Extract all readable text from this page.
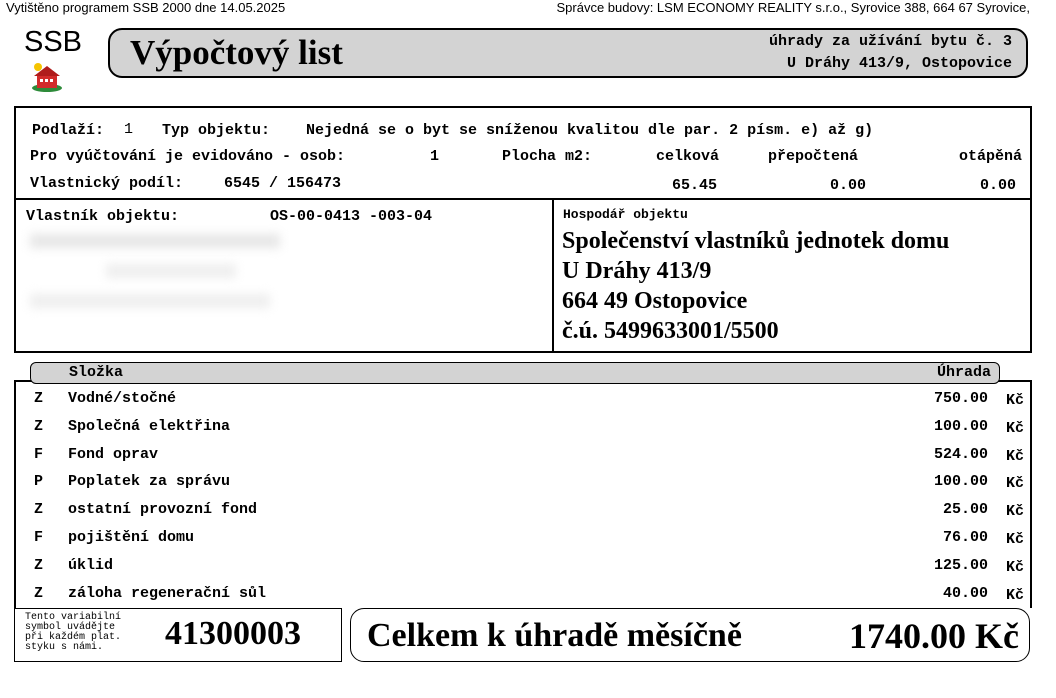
Vytištěno programem SSB 2000 dne 14.05.2025	Správce budovy: LSM ECONOMY REALITY s.r.o., Syrovice 388, 664 67 Syrovice,
SSB Výpočtový list	úhrady za užívání bytu č. 3
U Dráhy 413/9, Ostopovice
Podlaží: 1 Typ objektu: Nejedná se o byt se sníženou kvalitou dle par. 2 písm. e) až g)
Pro vyúčtování je evidováno - osob:	1	Plocha m2:	celková	přepočtená	otápěná
Vlastnický podíl:	6545 / 156473	65.45	0.00	0.00
Vlastník objektu:	OS-00-0413 -003-04	Hospodář objektu
Společenství vlastníků jednotek domu
U Dráhy 413/9
664 49 Ostopovice
č.ú. 5499633001/5500
Složka	Úhrada
Z Vodné/stočné	750.00 Kč
Z Společná elektřina	100.00 Kč
F Fond oprav	524.00 Kč
P Poplatek za správu	100.00 Kč
Z ostatní provozní fond	25.00 Kč
F pojištění domu	76.00 Kč
Z úklid	125.00 Kč
Z záloha regenerační sůl	40.00 Kč
Tento variabilní
symbol uvádějte
při každém plat.
styku s námi.	41300003 Celkem k úhradě měsíčně	1740.00 Kč
